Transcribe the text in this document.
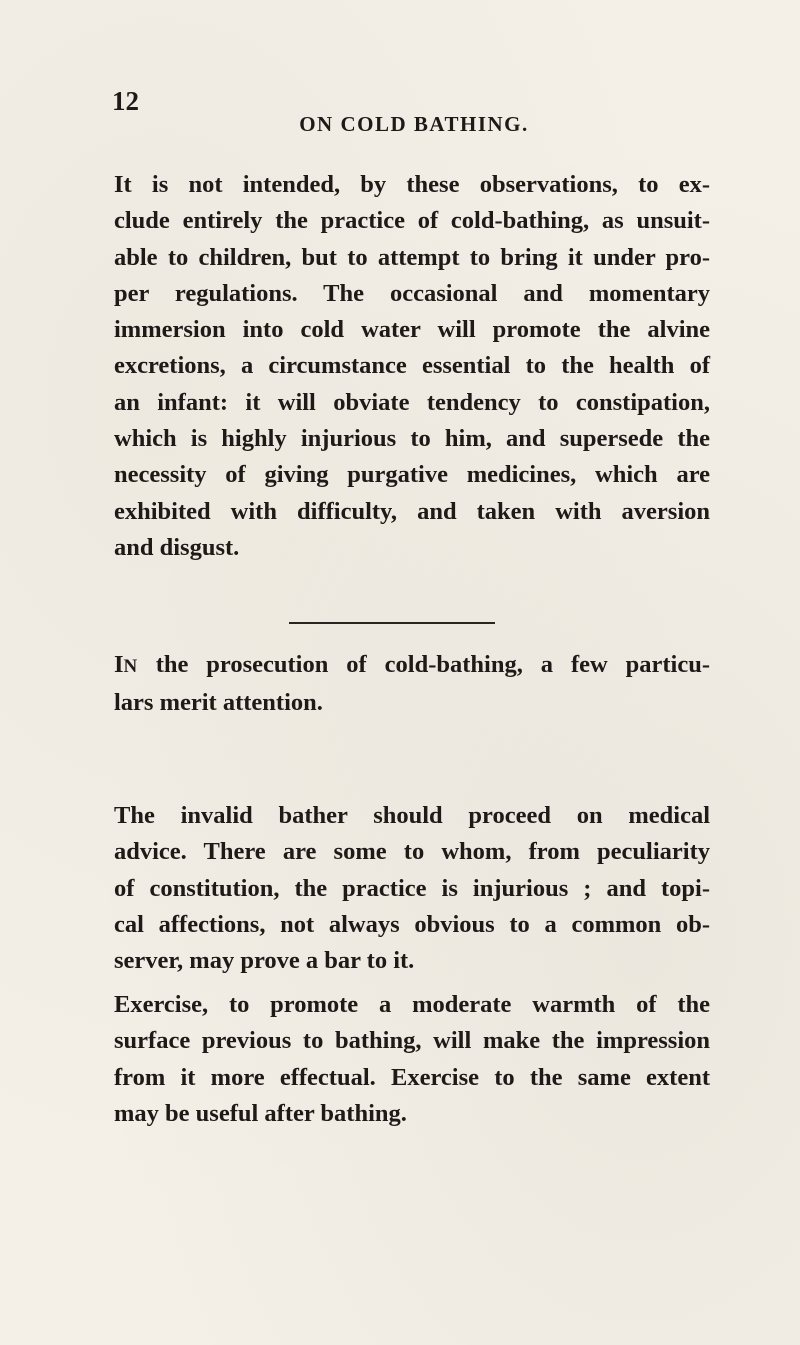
12
ON COLD BATHING.
It is not intended, by these observations, to ex-
clude entirely the practice of cold-bathing, as unsuit-
able to children, but to attempt to bring it under pro-
per regulations. The occasional and momentary
immersion into cold water will promote the alvine
excretions, a circumstance essential to the health of
an infant: it will obviate tendency to constipation,
which is highly injurious to him, and supersede the
necessity of giving purgative medicines, which are
exhibited with difficulty, and taken with aversion
and disgust.
IN the prosecution of cold-bathing, a few particu-
lars merit attention.
The invalid bather should proceed on medical
advice. There are some to whom, from peculiarity
of constitution, the practice is injurious ; and topi-
cal affections, not always obvious to a common ob-
server, may prove a bar to it.
Exercise, to promote a moderate warmth of the
surface previous to bathing, will make the impression
from it more effectual. Exercise to the same extent
may be useful after bathing.
